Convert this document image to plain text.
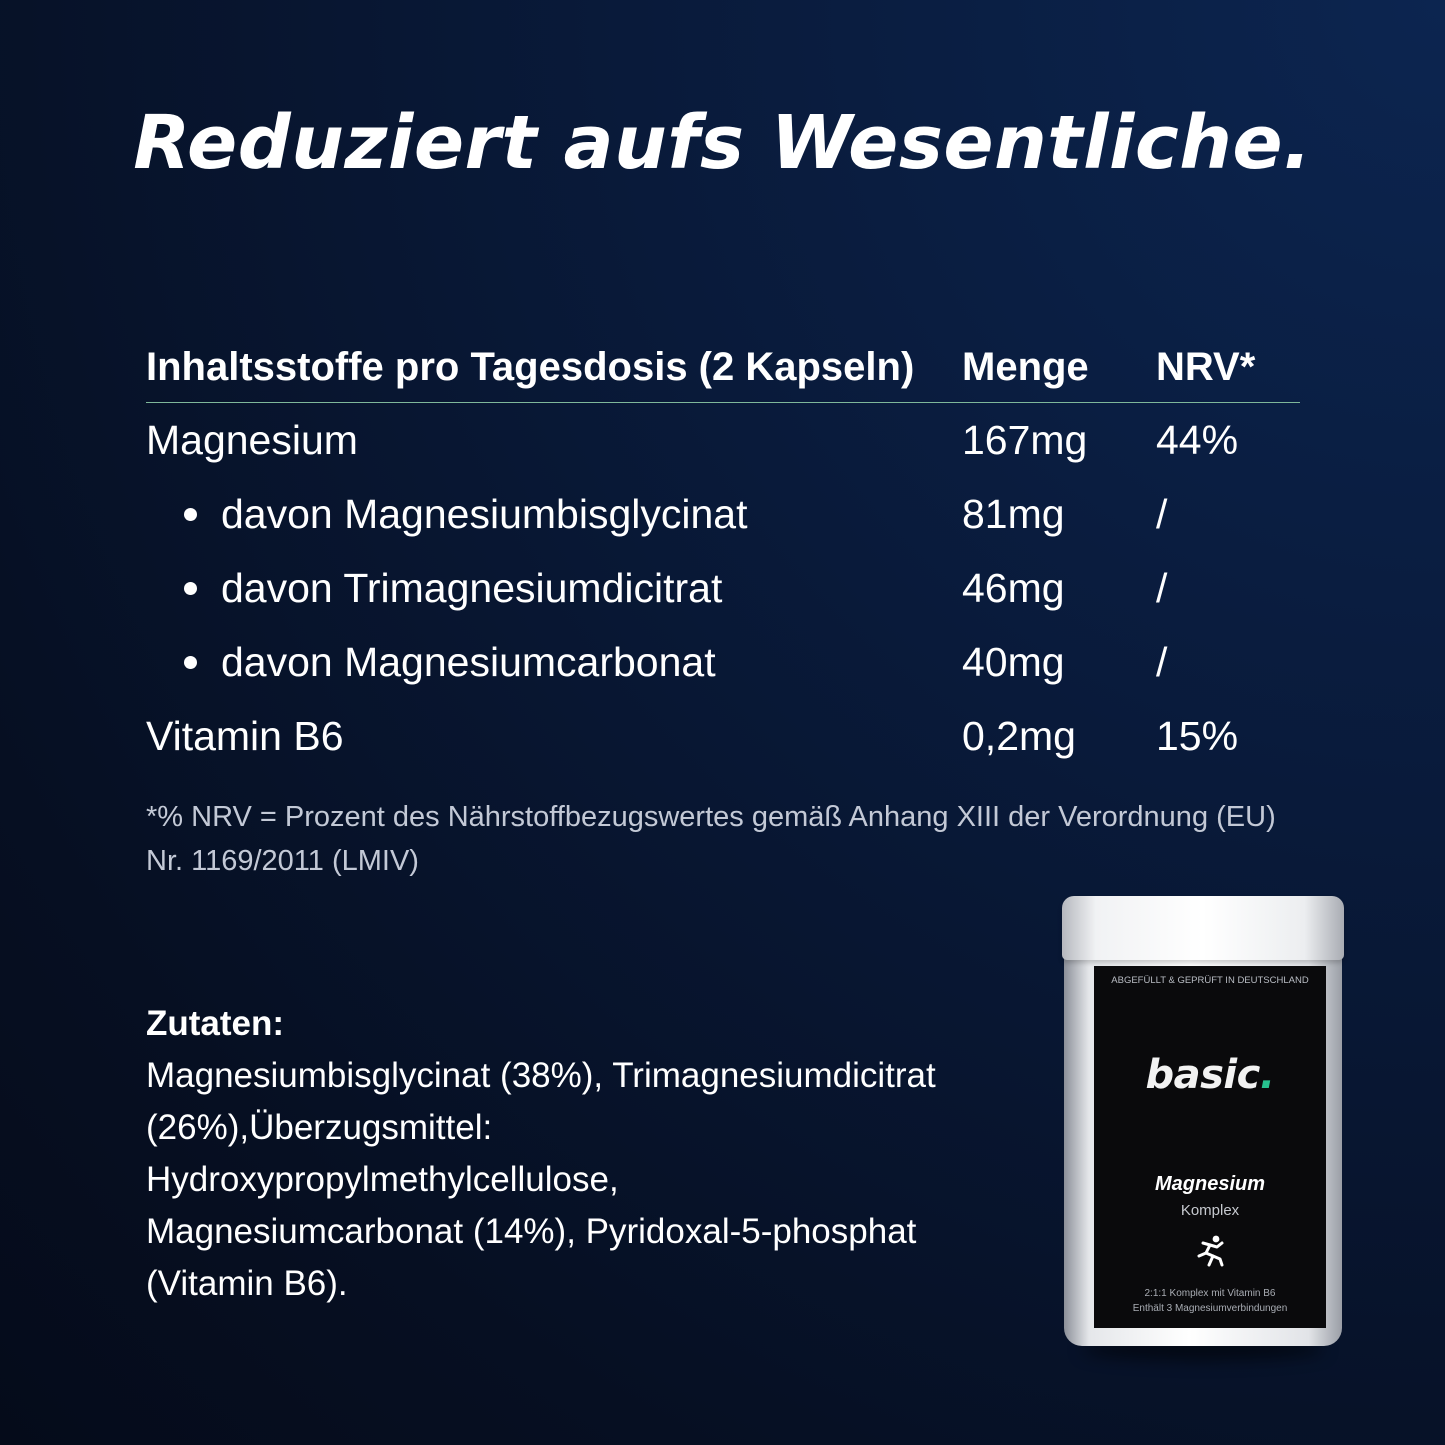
Reduziert aufs Wesentliche.
Inhaltsstoffe pro Tagesdosis (2 Kapseln)	Menge	NRV*
Magnesium	167mg	44%
davon Magnesiumbisglycinat	81mg	/
davon Trimagnesiumdicitrat	46mg	/
davon Magnesiumcarbonat	40mg	/
Vitamin B6	0,2mg	15%

*% NRV = Prozent des Nährstoffbezugswertes gemäß Anhang XIII der Verordnung (EU) Nr. 1169/2011 (LMIV)

Zutaten:
Magnesiumbisglycinat (38%), Trimagnesiumdicitrat
(26%),Überzugsmittel:
Hydroxypropylmethylcellulose,
Magnesiumcarbonat (14%), Pyridoxal-5-phosphat
(Vitamin B6).
ABGEFÜLLT & GEPRÜFT IN DEUTSCHLAND
basic.
Magnesium
Komplex
2:1:1 Komplex mit Vitamin B6
Enthält 3 Magnesiumverbindungen
